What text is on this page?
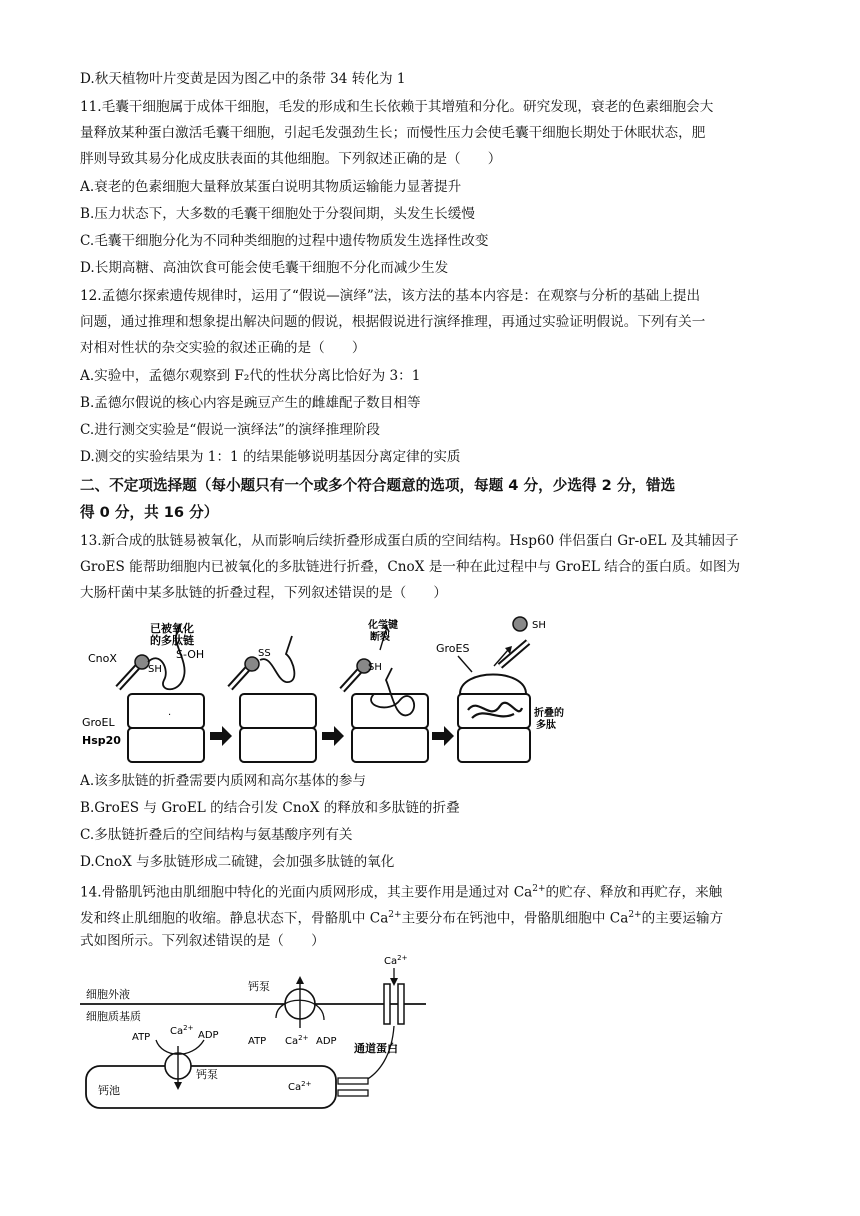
D.秋天植物叶片变黄是因为图乙中的条带 34 转化为 1
11.毛囊干细胞属于成体干细胞，毛发的形成和生长依赖于其增殖和分化。研究发现，衰老的色素细胞会大
量释放某种蛋白激活毛囊干细胞，引起毛发强劲生长；而慢性压力会使毛囊干细胞长期处于休眠状态，肥
胖则导致其易分化成皮肤表面的其他细胞。下列叙述正确的是（　　）
A.衰老的色素细胞大量释放某蛋白说明其物质运输能力显著提升
B.压力状态下，大多数的毛囊干细胞处于分裂间期，头发生长缓慢
C.毛囊干细胞分化为不同种类细胞的过程中遗传物质发生选择性改变
D.长期高糖、高油饮食可能会使毛囊干细胞不分化而减少生发
12.孟德尔探索遗传规律时，运用了“假说—演绎”法，该方法的基本内容是：在观察与分析的基础上提出
问题，通过推理和想象提出解决问题的假说，根据假说进行演绎推理，再通过实验证明假说。下列有关一
对相对性状的杂交实验的叙述正确的是（　　）
A.实验中，孟德尔观察到 F₂代的性状分离比恰好为 3：1
B.孟德尔假说的核心内容是豌豆产生的雌雄配子数目相等
C.进行测交实验是“假说一演绎法”的演绎推理阶段
D.测交的实验结果为 1：1 的结果能够说明基因分离定律的实质
二、不定项选择题（每小题只有一个或多个符合题意的选项，每题 4 分，少选得 2 分，错选
得 0 分，共 16 分）
13.新合成的肽链易被氧化，从而影响后续折叠形成蛋白质的空间结构。Hsp60 伴侣蛋白 Gr-oEL 及其辅因子
GroES 能帮助细胞内已被氧化的多肽链进行折叠，CnoX 是一种在此过程中与 GroEL 结合的蛋白质。如图为
大肠杆菌中某多肽链的折叠过程，下列叙述错误的是（　　）
·
已被氧化
的多肽链
S-OH
CnoX
SH
GroEL
Hsp20
SS
化学键
断裂
SH
GroES
SH
折叠的
多肽
A.该多肽链的折叠需要内质网和高尔基体的参与
B.GroES 与 GroEL 的结合引发 CnoX 的释放和多肽链的折叠
C.多肽链折叠后的空间结构与氨基酸序列有关
D.CnoX 与多肽链形成二硫键，会加强多肽链的氧化
14.骨骼肌钙池由肌细胞中特化的光面内质网形成，其主要作用是通过对 $Ca^{2+}$的贮存、释放和再贮存，来触
发和终止肌细胞的收缩。静息状态下，骨骼肌中 $Ca^{2+}$主要分布在钙池中，骨骼肌细胞中 $Ca^{2+}$的主要运输方
式如图所示。下列叙述错误的是（　　）
细胞外液
细胞质基质
钙泵
ATP $Ca^{2+}$ ADP
$Ca^{2+}$
通道蛋白
钙池	$Ca^{2+}$
ATP
$Ca^{2+}$
ADP
钙泵
